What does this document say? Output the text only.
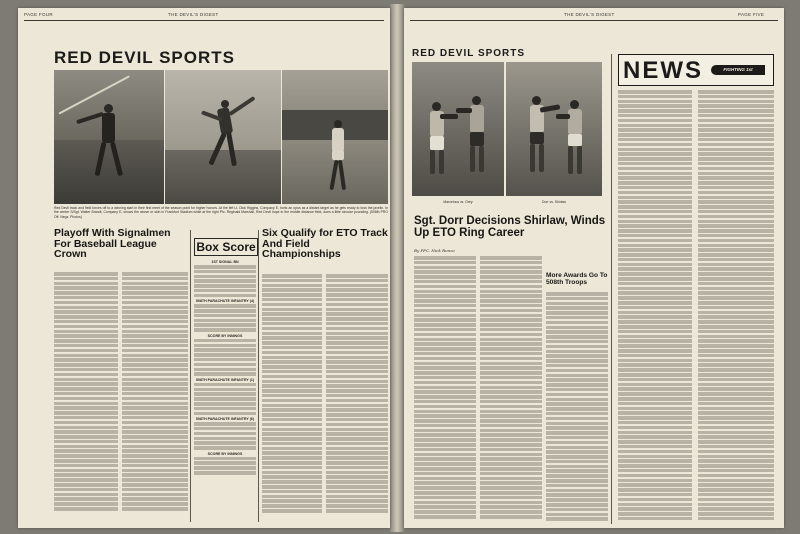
PAGE FOUR	THE DEVIL'S DIGEST
RED DEVIL SPORTS
Red Devil track and field forces off to a winning start in their first meet of the season point for higher honors. At the left Lt. Dick Higgins, Company E, hurls an opus as a distant target as he gets ready to toss the javelin. In the center S/Sgt. Walter Brandt, Company E, shows the above or skin in Frankfurt Stadium while at the right Pfc. Reginald Marshall, Red Devil hope in the middle distance field, does a little circular pounding. (508th PRO Off. Negs. Photos)
Playoff With Signalmen For Baseball League Crown
Box Score
1ST SIGNAL BN
508TH PARACHUTE INFANTRY (4)
SCORE BY INNINGS
508TH PARACHUTE INFANTRY (1)
508TH PARACHUTE INFANTRY (6)
SCORE BY INNINGS
Six Qualify for ETO Track And Field Championships
THE DEVIL'S DIGEST	PAGE FIVE
RED DEVIL SPORTS
Marvelous vs. Grey	Dorr vs. Shirlaw
NEWS	FIGHTING 1st
Sgt. Dorr Decisions Shirlaw, Winds Up ETO Ring Career
By PFC. Nick Ronzo
More Awards Go To 508th Troops
